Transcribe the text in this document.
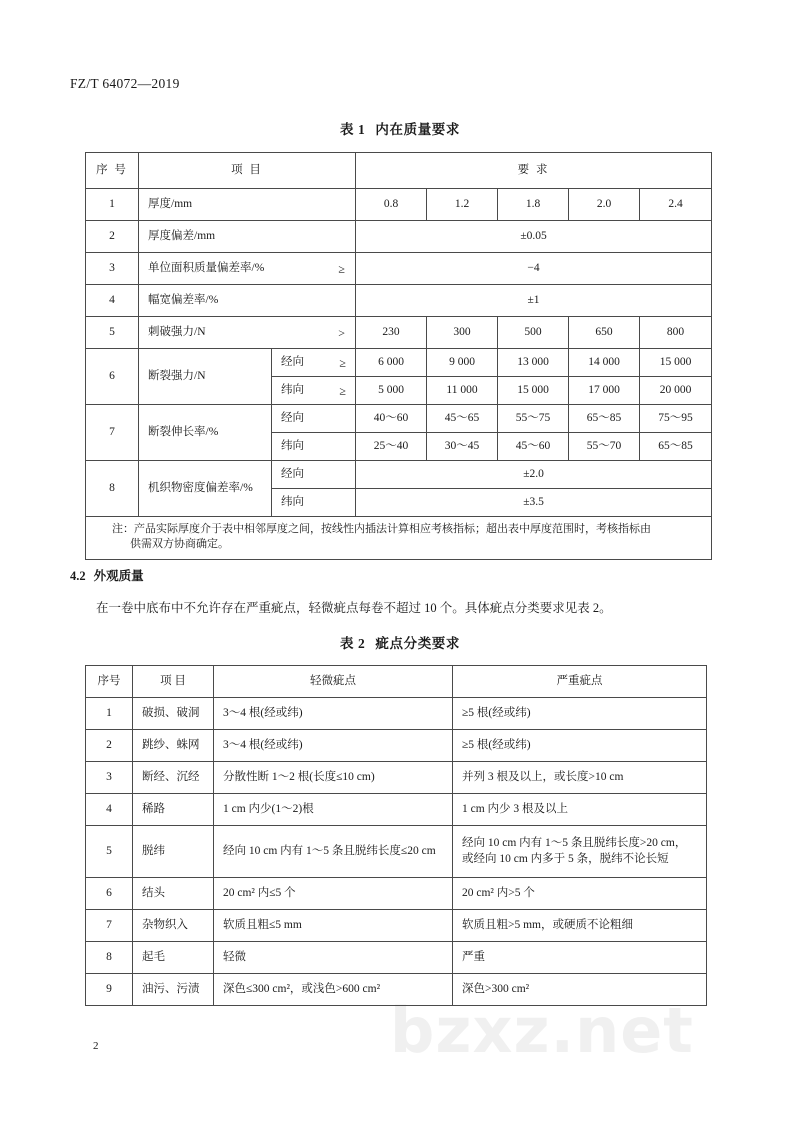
bzxz.net
FZ/T 64072—2019
表 1 内在质量要求
序 号	项 目		要 求				
1	厚度/mm		0.8	1.2	1.8	2.0	2.4
2	厚度偏差/mm		±0.05				
3	单位面积质量偏差率/% ≥		−4				
4	幅宽偏差率/%		±1				
5	刺破强力/N >		230	300	500	650	800
6	断裂强力/N	经向 ≥	6 000	9 000	13 000	14 000	15 000
		纬向 ≥	5 000	11 000	15 000	17 000	20 000
7	断裂伸长率/%	经向	40～60	45～65	55～75	65～85	75～95
		纬向	25～40	30～45	45～60	55～70	65～85
8	机织物密度偏差率/%	经向	±2.0				
		纬向	±3.5				

注：产品实际厚度介于表中相邻厚度之间，按线性内插法计算相应考核指标；超出表中厚度范围时，考核指标由
供需双方协商确定。							
4.2 外观质量
在一卷中底布中不允许存在严重疵点，轻微疵点每卷不超过 10 个。具体疵点分类要求见表 2。
表 2 疵点分类要求
序号	项 目	轻微疵点	严重疵点
1	破损、破洞	3～4 根(经或纬)	≥5 根(经或纬)
2	跳纱、蛛网	3～4 根(经或纬)	≥5 根(经或纬)
3	断经、沉经	分散性断 1～2 根(长度≤10 cm)	并列 3 根及以上，或长度>10 cm
4	稀路	1 cm 内少(1～2)根	1 cm 内少 3 根及以上
5	脱纬	经向 10 cm 内有 1～5 条且脱纬长度≤20 cm	经向 10 cm 内有 1～5 条且脱纬长度>20 cm，
或经向 10 cm 内多于 5 条，脱纬不论长短

6	结头	20 cm² 内≤5 个	20 cm² 内>5 个
7	杂物织入	软质且粗≤5 mm	软质且粗>5 mm，或硬质不论粗细
8	起毛	轻微	严重
9	油污、污渍	深色≤300 cm²，或浅色>600 cm²	深色>300 cm²
2
